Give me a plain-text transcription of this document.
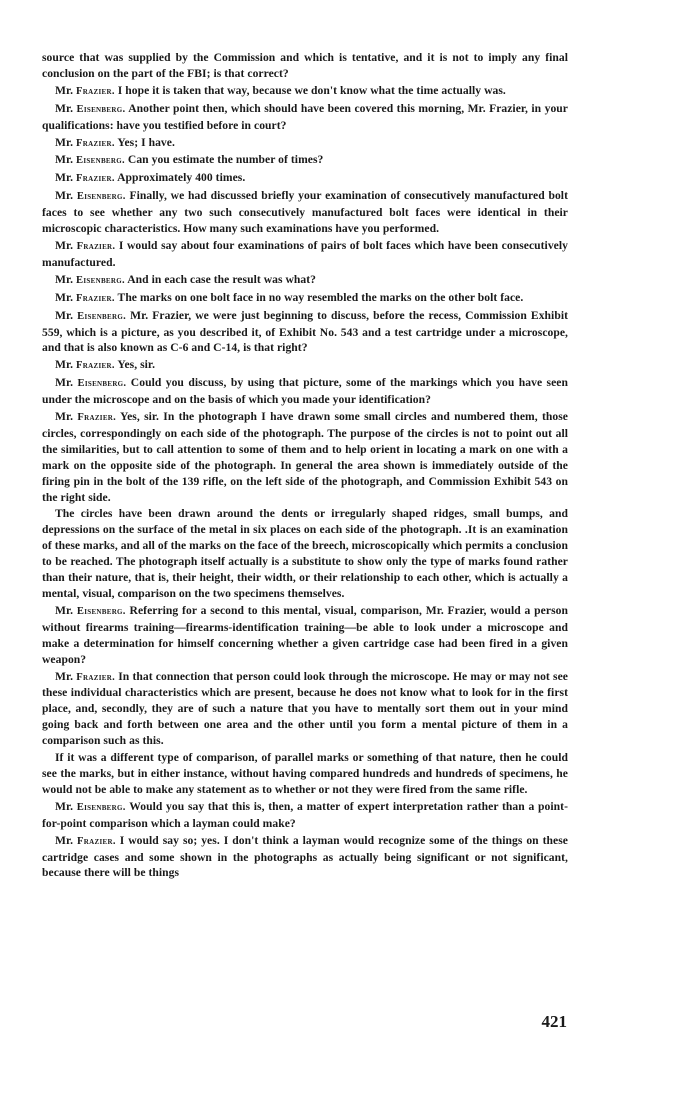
source that was supplied by the Commission and which is tentative, and it is not to imply any final conclusion on the part of the FBI; is that correct?

Mr. Frazier. I hope it is taken that way, because we don't know what the time actually was.

Mr. Eisenberg. Another point then, which should have been covered this morning, Mr. Frazier, in your qualifications: have you testified before in court?

Mr. Frazier. Yes; I have.

Mr. Eisenberg. Can you estimate the number of times?

Mr. Frazier. Approximately 400 times.

Mr. Eisenberg. Finally, we had discussed briefly your examination of consecutively manufactured bolt faces to see whether any two such consecutively manufactured bolt faces were identical in their microscopic characteristics. How many such examinations have you performed.

Mr. Frazier. I would say about four examinations of pairs of bolt faces which have been consecutively manufactured.

Mr. Eisenberg. And in each case the result was what?

Mr. Frazier. The marks on one bolt face in no way resembled the marks on the other bolt face.

Mr. Eisenberg. Mr. Frazier, we were just beginning to discuss, before the recess, Commission Exhibit 559, which is a picture, as you described it, of Exhibit No. 543 and a test cartridge under a microscope, and that is also known as C-6 and C-14, is that right?

Mr. Frazier. Yes, sir.

Mr. Eisenberg. Could you discuss, by using that picture, some of the markings which you have seen under the microscope and on the basis of which you made your identification?

Mr. Frazier. Yes, sir. In the photograph I have drawn some small circles and numbered them, those circles, correspondingly on each side of the photograph. The purpose of the circles is not to point out all the similarities, but to call attention to some of them and to help orient in locating a mark on one with a mark on the opposite side of the photograph. In general the area shown is immediately outside of the firing pin in the bolt of the 139 rifle, on the left side of the photograph, and Commission Exhibit 543 on the right side.

The circles have been drawn around the dents or irregularly shaped ridges, small bumps, and depressions on the surface of the metal in six places on each side of the photograph. .It is an examination of these marks, and all of the marks on the face of the breech, microscopically which permits a conclusion to be reached. The photograph itself actually is a substitute to show only the type of marks found rather than their nature, that is, their height, their width, or their relationship to each other, which is actually a mental, visual, comparison on the two specimens themselves.

Mr. Eisenberg. Referring for a second to this mental, visual, comparison, Mr. Frazier, would a person without firearms training—firearms-identification training—be able to look under a microscope and make a determination for himself concerning whether a given cartridge case had been fired in a given weapon?

Mr. Frazier. In that connection that person could look through the microscope. He may or may not see these individual characteristics which are present, because he does not know what to look for in the first place, and, secondly, they are of such a nature that you have to mentally sort them out in your mind going back and forth between one area and the other until you form a mental picture of them in a comparison such as this.

If it was a different type of comparison, of parallel marks or something of that nature, then he could see the marks, but in either instance, without having compared hundreds and hundreds of specimens, he would not be able to make any statement as to whether or not they were fired from the same rifle.

Mr. Eisenberg. Would you say that this is, then, a matter of expert interpretation rather than a point-for-point comparison which a layman could make?

Mr. Frazier. I would say so; yes. I don't think a layman would recognize some of the things on these cartridge cases and some shown in the photographs as actually being significant or not significant, because there will be things

421
